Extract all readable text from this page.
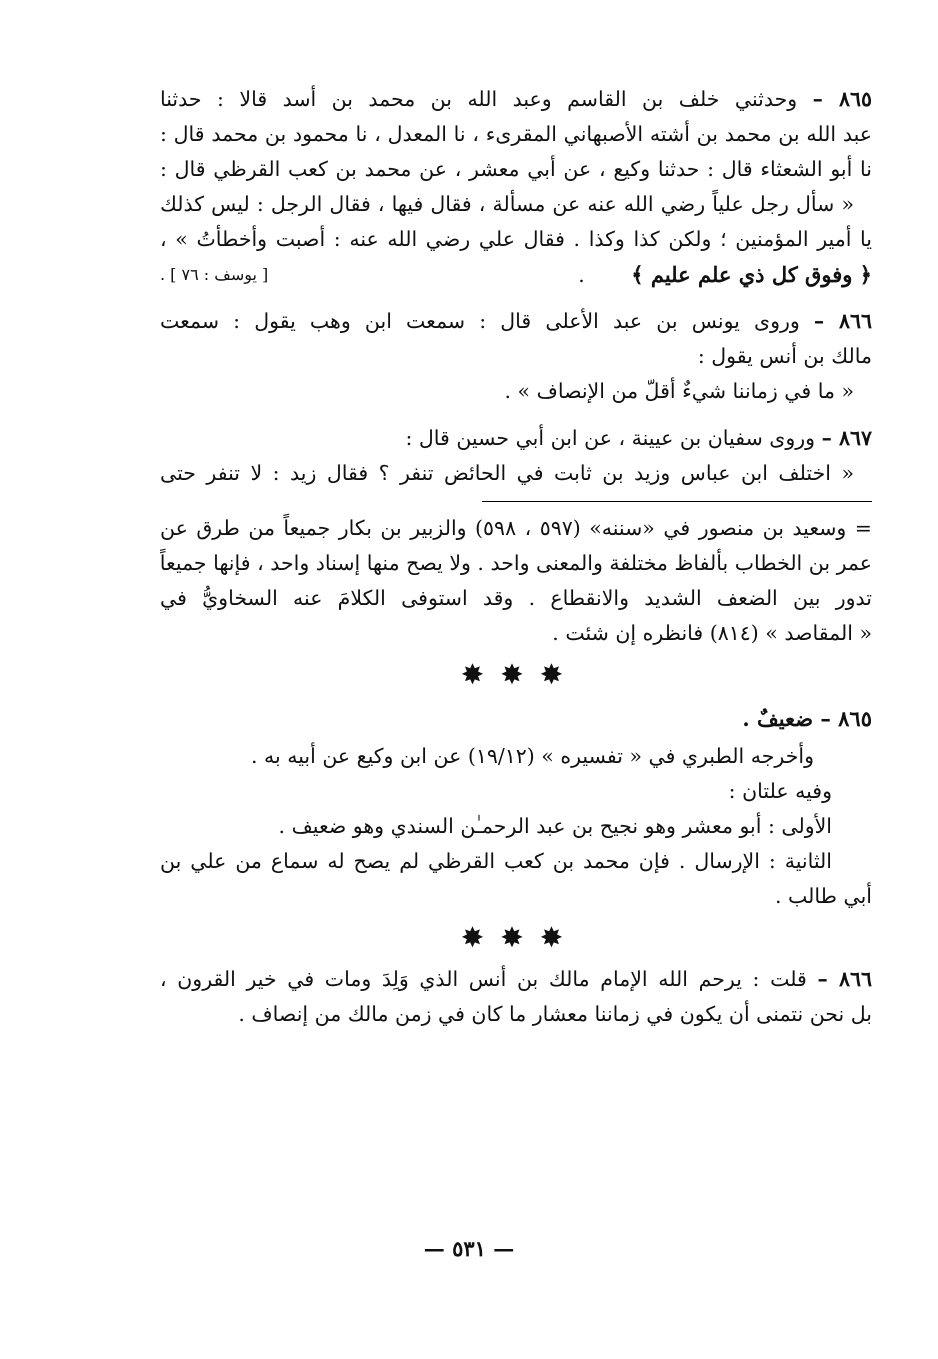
٨٦٥ – وحدثني خلف بن القاسم وعبد الله بن محمد بن أسد قالا : حدثنا
عبد الله بن محمد بن أشته الأصبهاني المقرىء ، نا المعدل ، نا محمود بن محمد قال :
نا أبو الشعثاء قال : حدثنا وكيع ، عن أبي معشر ، عن محمد بن كعب القرظي قال :
« سأل رجل علياً رضي الله عنه عن مسألة ، فقال فيها ، فقال الرجل : ليس كذلك
يا أمير المؤمنين ؛ ولكن كذا وكذا . فقال علي رضي الله عنه : أصبت وأخطأتُ » ،
﴿ وفوق كل ذي علم عليم ﴾ .
[ يوسف : ٧٦ ] .
٨٦٦ – وروى يونس بن عبد الأعلى قال : سمعت ابن وهب يقول : سمعت
مالك بن أنس يقول :
« ما في زماننا شيءٌ أقلّ من الإنصاف » .
٨٦٧ – وروى سفيان بن عيينة ، عن ابن أبي حسين قال :
« اختلف ابن عباس وزيد بن ثابت في الحائض تنفر ؟ فقال زيد : لا تنفر حتى
= وسعيد بن منصور في «سننه» (٥٩٧ ، ٥٩٨) والزبير بن بكار جميعاً من طرق عن
عمر بن الخطاب بألفاظ مختلفة والمعنى واحد . ولا يصح منها إسناد واحد ، فإنها جميعاً
تدور بين الضعف الشديد والانقطاع . وقد استوفى الكلامَ عنه السخاويُّ في
« المقاصد » (٨١٤) فانظره إن شئت .
✸ ✸ ✸
٨٦٥ – ضعيفٌ .
وأخرجه الطبري في « تفسيره » (١٩/١٢) عن ابن وكيع عن أبيه به .
وفيه علتان :
الأولى : أبو معشر وهو نجيح بن عبد الرحمـٰن السندي وهو ضعيف .
الثانية : الإرسال . فإن محمد بن كعب القرظي لم يصح له سماع من علي بن
أبي طالب .
✸ ✸ ✸
٨٦٦ – قلت : يرحم الله الإمام مالك بن أنس الذي وَلِدَ ومات في خير القرون ،
بل نحن نتمنى أن يكون في زماننا معشار ما كان في زمن مالك من إنصاف .
— ٥٣١ —
